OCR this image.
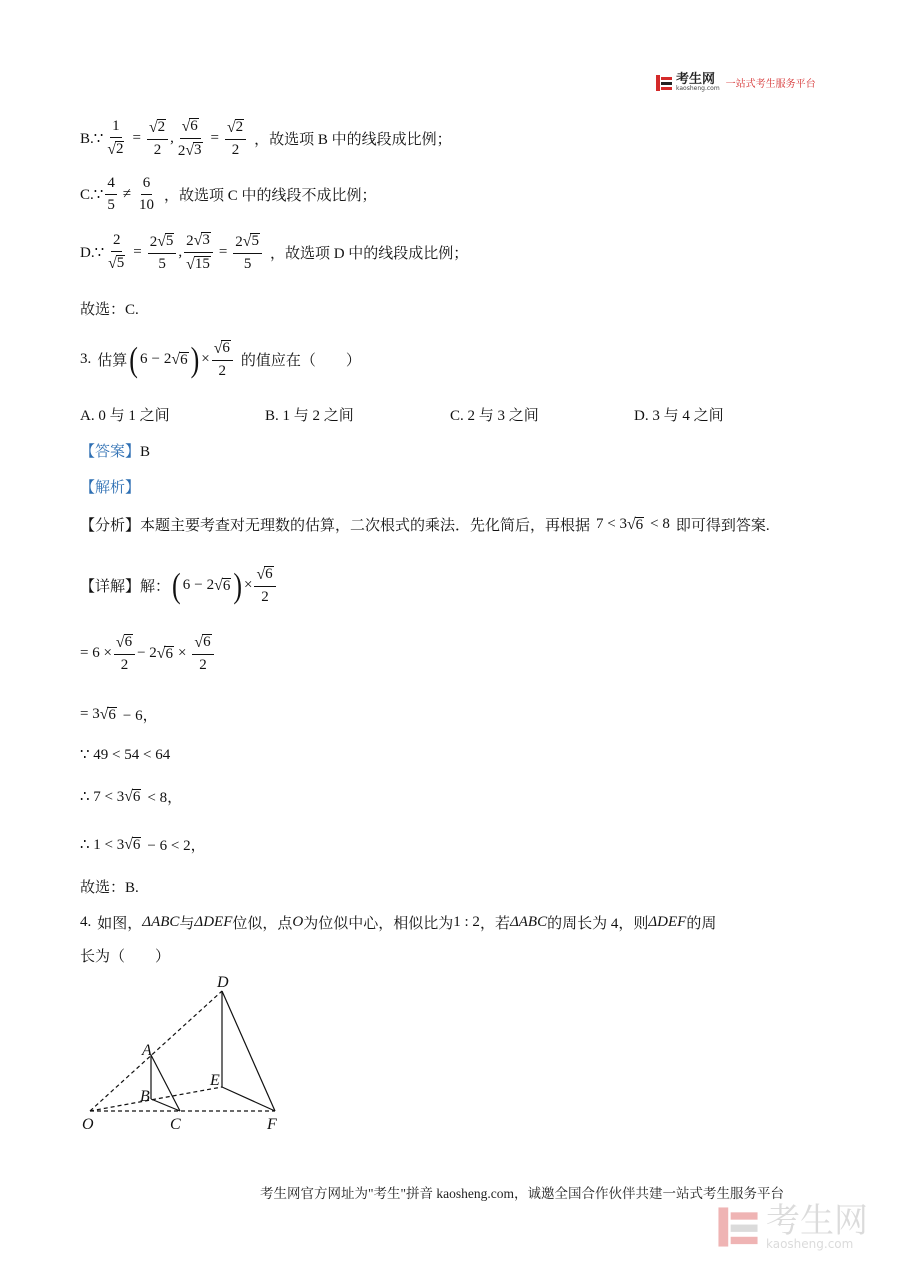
考生网
kaosheng.com 一站式考生服务平台
B.∵ $\frac{1}{√ 2} = \frac{√ 2}{2}$ , $\frac{√ 6}{2 √ 3} = \frac{√ 2}{2}$ ，故选项 B 中的线段成比例；
C.∵ $\frac{4}{5} \ne \frac{6}{10}$ ，故选项 C 中的线段不成比例；
D.∵ $\frac{2}{√ 5} = \frac{2 √ 5}{5}$ , $\frac{2 √ 3}{√ 15} = \frac{2 √ 5}{5}$ ，故选项 D 中的线段成比例；
故选：C.
3. 估算 ( 6 − 2 √ 6 ) × $\frac{√ 6}{2}$ 的值应在（　　）
A. 0 与 1 之间	B. 1 与 2 之间	C. 2 与 3 之间	D. 3 与 4 之间
【答案】B
【解析】
【分析】 本题主要考查对无理数的估算，二次根式的乘法．先化简后，再根据 7 < 3 √ 6 < 8 即可得到答案.
【详解】 解： ( 6 − 2 √ 6 ) × $\frac{√ 6}{2}$
= $6 \times \frac{√ 6}{2} - 2$ √ $6 \times \frac{√ 6}{2}$
= 3 √ 6 − 6，
∵ 49 < 54 < 64
∴ 7 < 3 √ 6 < 8，
∴ 1 < 3 √ 6 − 6 < 2，
故选：B.
4. 如图， ΔABC 与 ΔDEF 位似，点 O 为位似中心，相似比为 1 : 2 ，若 ΔABC 的周长为 4，则 ΔDEF 的周
长为（　　）
D
A
E
B
O	C	F
考生网官方网址为"考生"拼音 kaosheng.com，诚邀全国合作伙伴共建一站式考生服务平台
考生网
kaosheng.com
